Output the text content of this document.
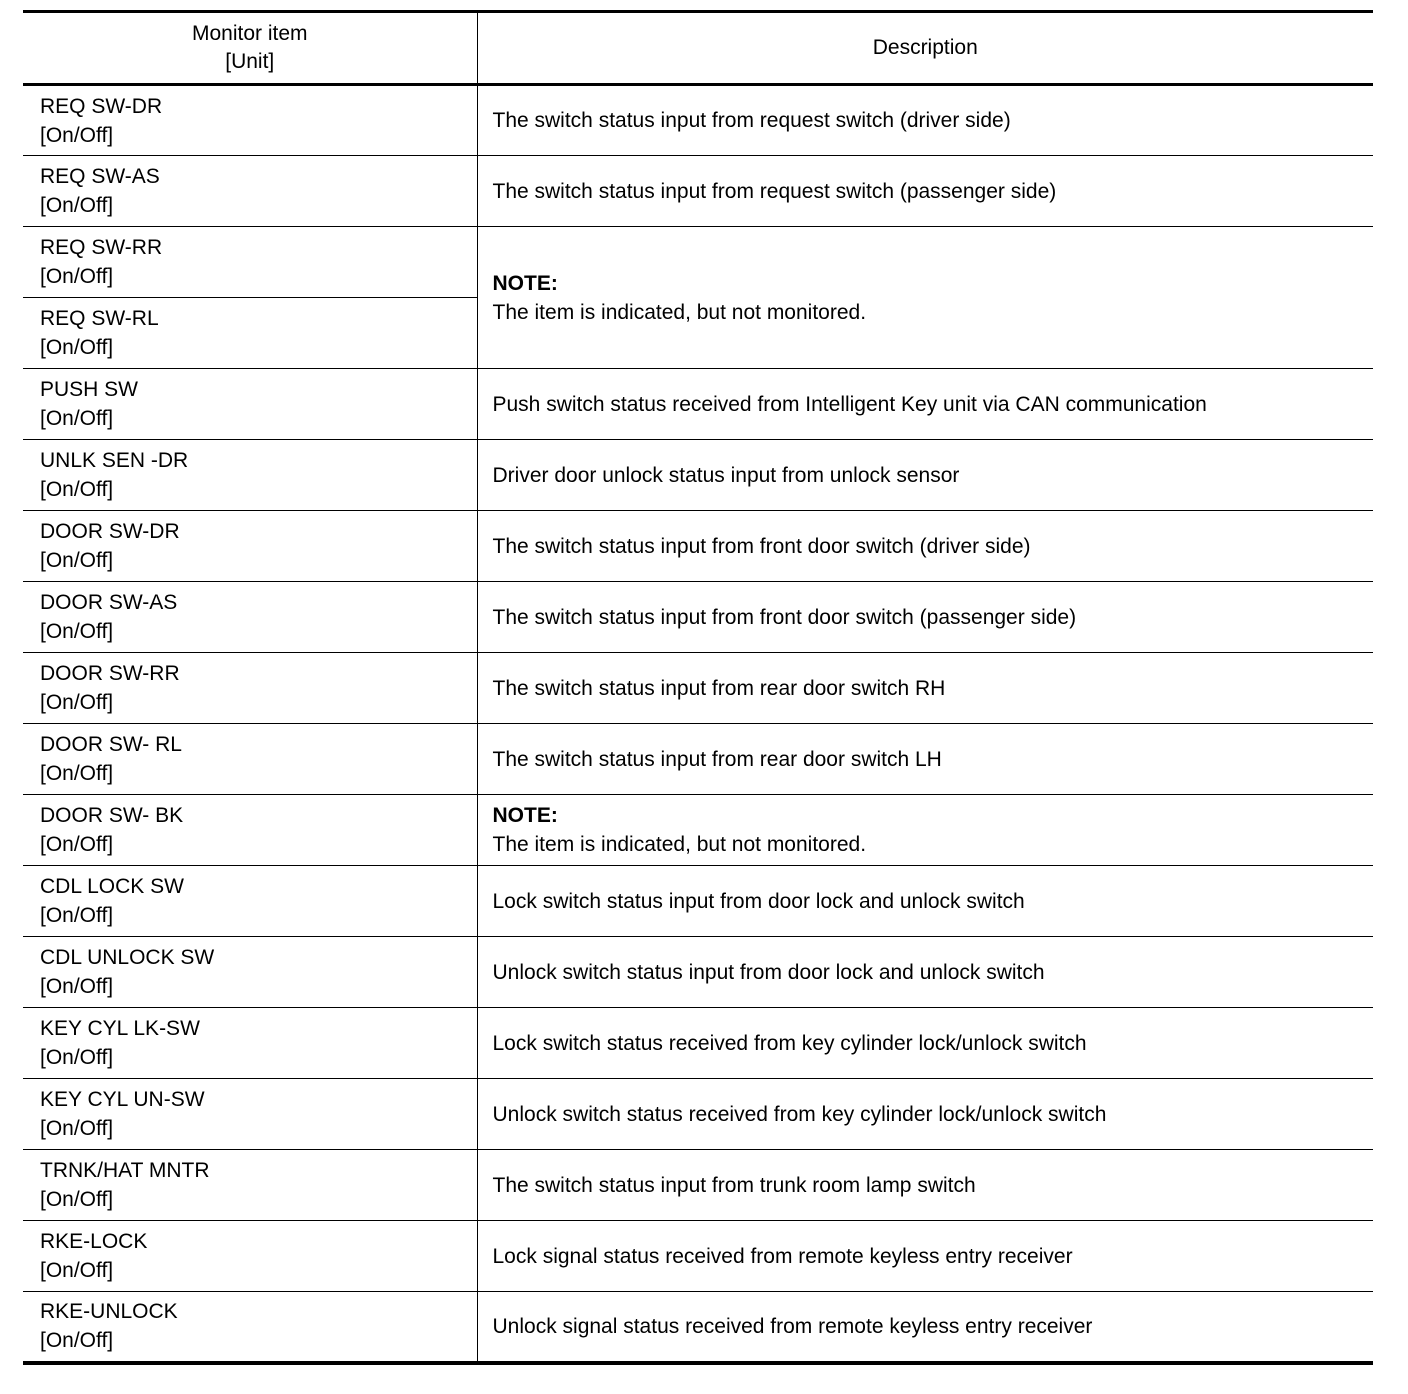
Monitor item
[Unit]	Description

REQ SW-DR
[On/Off]	The switch status input from request switch (driver side)

REQ SW-AS
[On/Off]	The switch status input from request switch (passenger side)

REQ SW-RR
[On/Off]	NOTE:
The item is indicated, but not monitored.

REQ SW-RL
[On/Off]	

PUSH SW
[On/Off]	Push switch status received from Intelligent Key unit via CAN communication

UNLK SEN -DR
[On/Off]	Driver door unlock status input from unlock sensor

DOOR SW-DR
[On/Off]	The switch status input from front door switch (driver side)

DOOR SW-AS
[On/Off]	The switch status input from front door switch (passenger side)

DOOR SW-RR
[On/Off]	The switch status input from rear door switch RH

DOOR SW- RL
[On/Off]	The switch status input from rear door switch LH

DOOR SW- BK
[On/Off]	NOTE:
The item is indicated, but not monitored.

CDL LOCK SW
[On/Off]	Lock switch status input from door lock and unlock switch

CDL UNLOCK SW
[On/Off]	Unlock switch status input from door lock and unlock switch

KEY CYL LK-SW
[On/Off]	Lock switch status received from key cylinder lock/unlock switch

KEY CYL UN-SW
[On/Off]	Unlock switch status received from key cylinder lock/unlock switch

TRNK/HAT MNTR
[On/Off]	The switch status input from trunk room lamp switch

RKE-LOCK
[On/Off]	Lock signal status received from remote keyless entry receiver

RKE-UNLOCK
[On/Off]	Unlock signal status received from remote keyless entry receiver
